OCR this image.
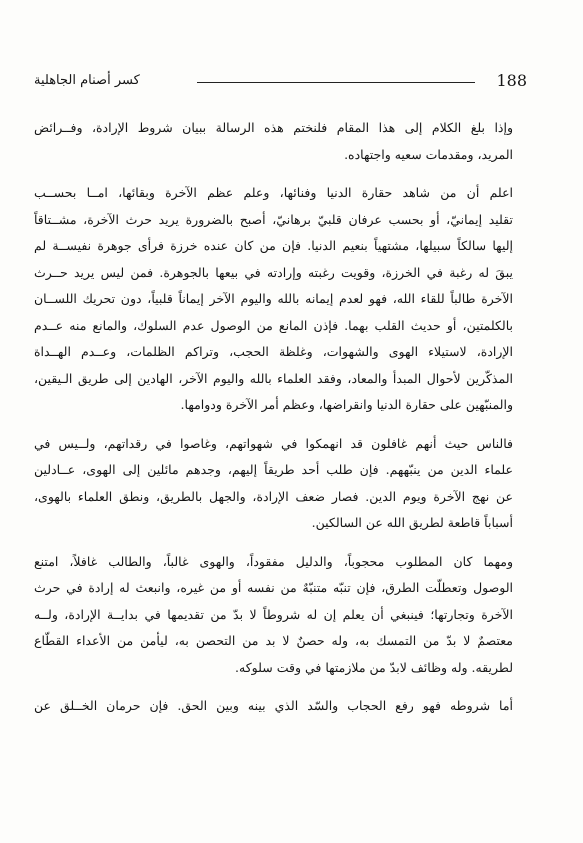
188
كسر أصنام الجاهلية

وإذا بلغ الكلام إلى هذا المقام فلنختم هذه الرسالة ببيان شروط الإرادة، وفــرائض
المريد، ومقدمات سعيه واجتهاده.

اعلم أن من شاهد حقارة الدنيا وفنائها، وعلم عظم الآخرة وبقائها، امــا بحســب
تقليد إيمانيّ، أو بحسب عرفان قلبيّ برهانيّ، أصبح بالضرورة يريد حرث الآخرة، مشــتاقاً
إليها سالكاً سبيلها، مشتهياً بنعيم الدنيا. فإن من كان عنده خرزة فرأى جوهرة نفيســة لم
يبقَ له رغبة في الخرزة، وقويت رغبته وإرادته في بيعها بالجوهرة. فمن ليس يريد حــرث
الآخرة طالباً للقاء الله، فهو لعدم إيمانه بالله واليوم الآخر إيماناً قلبياً، دون تحريك اللســان
بالكلمتين، أو حديث القلب بهما. فإذن المانع من الوصول عدم السلوك، والمانع منه عــدم
الإرادة، لاستيلاء الهوى والشهوات، وغلظة الحجب، وتراكم الظلمات، وعــدم الهــداة
المذكّرين لأحوال المبدأ والمعاد، وفقد العلماء بالله واليوم الآخر، الهادين إلى طريق الـيقين،
والمنبّهين على حقارة الدنيا وانقراضها، وعظم أمر الآخرة ودوامها.

فالناس حيث أنهم غافلون قد انهمكوا في شهواتهم، وغاصوا في رقداتهم، ولــيس في
علماء الدين من ينبّههم. فإن طلب أحد طريقاً إليهم، وجدهم مائلين إلى الهوى، عــادلين
عن نهج الآخرة ويوم الدين. فصار ضعف الإرادة، والجهل بالطريق، ونطق العلماء بالهوى،
أسباباً قاطعة لطريق الله عن السالكين.

ومهما كان المطلوب محجوباً، والدليل مفقوداً، والهوى غالباً، والطالب غافلاً، امتنع
الوصول وتعطلّت الطرق، فإن تنبّه متنبّهٌ من نفسه أو من غيره، وانبعث له إرادة في حرث
الآخرة وتجارتها؛ فينبغي أن يعلم إن له شروطاً لا بدّ من تقديمها في بدايــة الإرادة، ولــه
معتصمٌ لا بدّ من التمسك به، وله حصنٌ لا بد من التحصن به، ليأمن من الأعداء القطّاع
لطريقه. وله وظائف لابدّ من ملازمتها في وقت سلوكه.

أما شروطه فهو رفع الحجاب والسّد الذي بينه وبين الحق. فإن حرمان الخــلق عن
